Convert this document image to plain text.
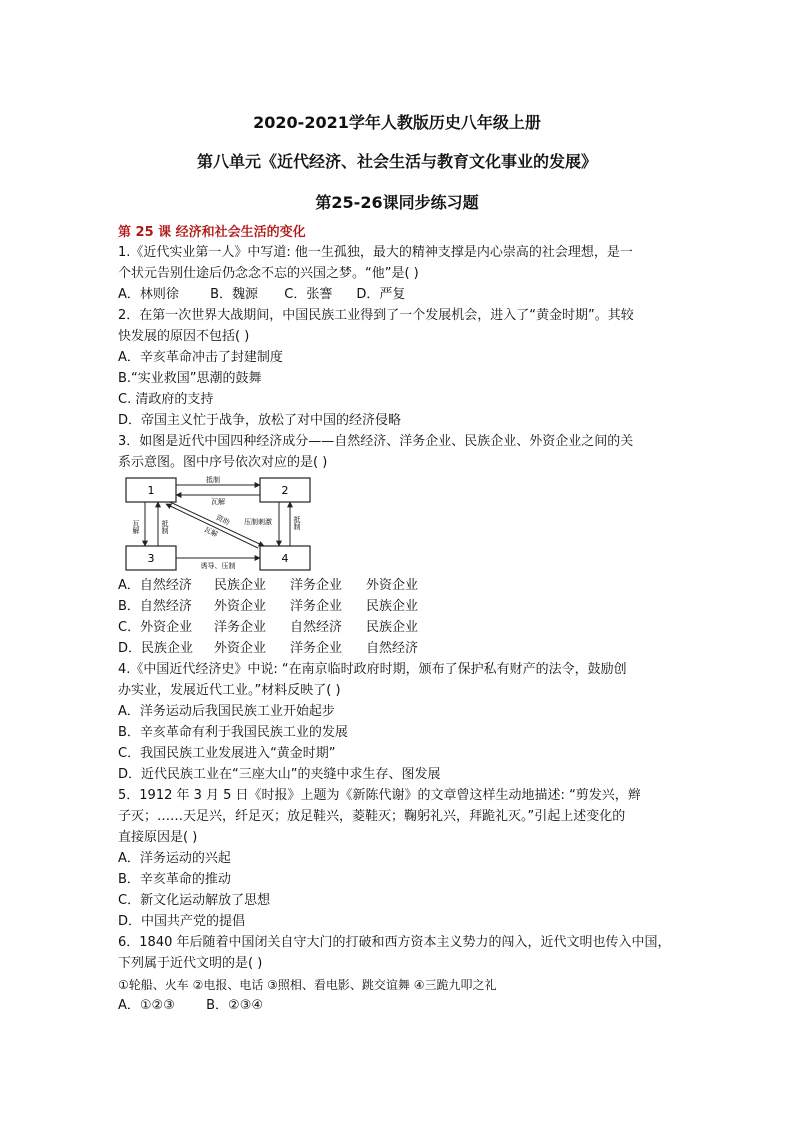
2020-2021学年人教版历史八年级上册
第八单元《近代经济、社会生活与教育文化事业的发展》
第25-26课同步练习题
第 25 课 经济和社会生活的变化
1.《近代实业第一人》中写道: 他一生孤独，最大的精神支撑是内心崇高的社会理想，是一
个状元告别仕途后仍念念不忘的兴国之梦。“他”是( )
A．林则徐 B．魏源 C．张謇 D．严复
2．在第一次世界大战期间，中国民族工业得到了一个发展机会，进入了“黄金时期”。其较
快发展的原因不包括( )
A．辛亥革命冲击了封建制度
B.“实业救国”思潮的鼓舞
C. 清政府的支持
D．帝国主义忙于战争，放松了对中国的经济侵略
3．如图是近代中国四种经济成分——自然经济、洋务企业、民族企业、外资企业之间的关
系示意图。图中序号依次对应的是( )
1	2
3	4
抵制
瓦解
诱导、压制
瓦解	抵制	压制刺激	抵制
资助
瓦解
A．自然经济 民族企业 洋务企业 外资企业
B．自然经济 外资企业 洋务企业 民族企业
C．外资企业 洋务企业 自然经济 民族企业
D．民族企业 外资企业 洋务企业 自然经济
4.《中国近代经济史》中说: “在南京临时政府时期，颁布了保护私有财产的法令，鼓励创
办实业，发展近代工业。”材料反映了( )
A．洋务运动后我国民族工业开始起步
B．辛亥革命有利于我国民族工业的发展
C．我国民族工业发展进入“黄金时期”
D．近代民族工业在“三座大山”的夹缝中求生存、图发展
5．1912 年 3 月 5 日《时报》上题为《新陈代谢》的文章曾这样生动地描述: “剪发兴，辫
子灭；……天足兴，纤足灭；放足鞋兴，菱鞋灭；鞠躬礼兴，拜跪礼灭。”引起上述变化的
直接原因是( )
A．洋务运动的兴起
B．辛亥革命的推动
C．新文化运动解放了思想
D．中国共产党的提倡
6．1840 年后随着中国闭关自守大门的打破和西方资本主义势力的闯入，近代文明也传入中国，
下列属于近代文明的是( )
①轮船、火车 ②电报、电话 ③照相、看电影、跳交谊舞 ④三跪九叩之礼
A．①②③ B．②③④
